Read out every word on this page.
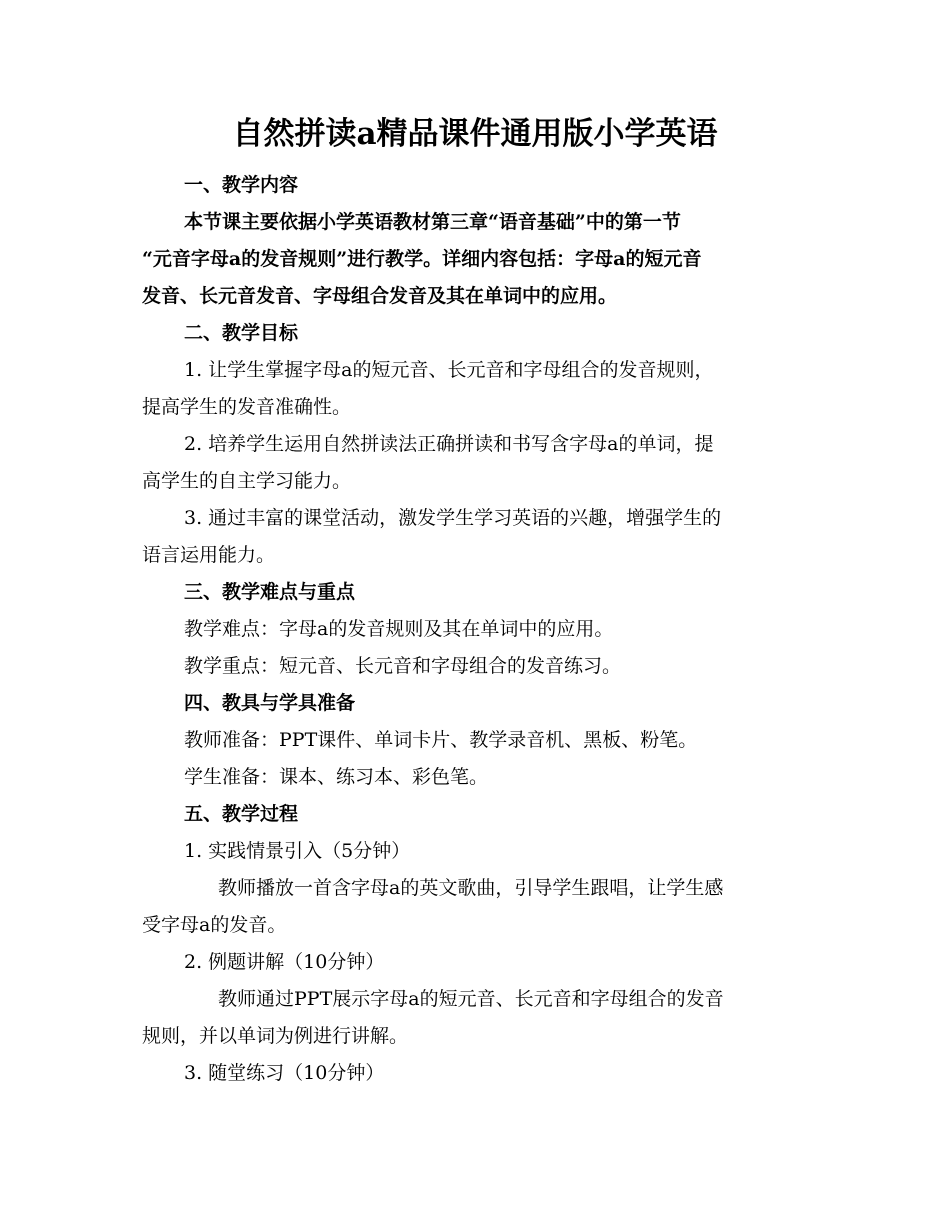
自然拼读a精品课件通用版小学英语

一、教学内容

本节课主要依据小学英语教材第三章“语音基础”中的第一节

“元音字母a的发音规则”进行教学。详细内容包括：字母a的短元音

发音、长元音发音、字母组合发音及其在单词中的应用。

二、教学目标

1. 让学生掌握字母a的短元音、长元音和字母组合的发音规则，

提高学生的发音准确性。

2. 培养学生运用自然拼读法正确拼读和书写含字母a的单词，提

高学生的自主学习能力。

3. 通过丰富的课堂活动，激发学生学习英语的兴趣，增强学生的

语言运用能力。

三、教学难点与重点

教学难点：字母a的发音规则及其在单词中的应用。

教学重点：短元音、长元音和字母组合的发音练习。

四、教具与学具准备

教师准备：PPT课件、单词卡片、教学录音机、黑板、粉笔。

学生准备：课本、练习本、彩色笔。

五、教学过程

1. 实践情景引入（5分钟）

教师播放一首含字母a的英文歌曲，引导学生跟唱，让学生感

受字母a的发音。

2. 例题讲解（10分钟）

教师通过PPT展示字母a的短元音、长元音和字母组合的发音

规则，并以单词为例进行讲解。

3. 随堂练习（10分钟）
